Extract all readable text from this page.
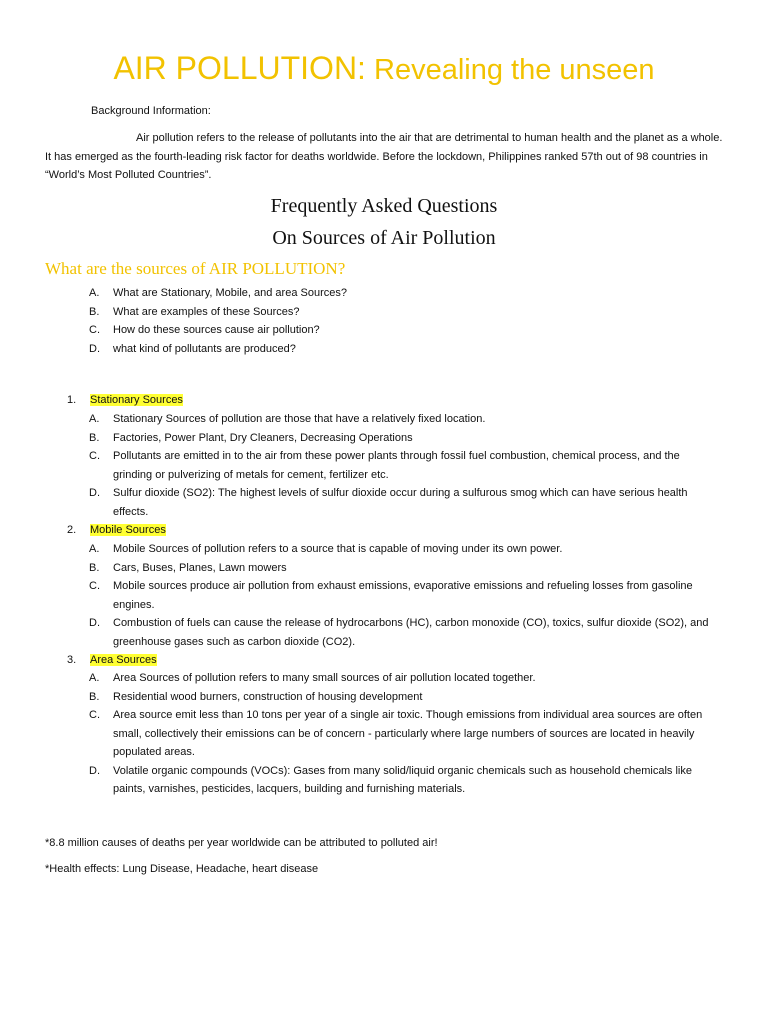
AIR POLLUTION: Revealing the unseen
Background Information:
Air pollution refers to the release of pollutants into the air that are detrimental to human health and the planet as a whole. It has emerged as the fourth-leading risk factor for deaths worldwide. Before the lockdown, Philippines ranked 57th out of 98 countries in “World’s Most Polluted Countries”.
Frequently Asked Questions
On Sources of Air Pollution
What are the sources of AIR POLLUTION?
A. What are Stationary, Mobile, and area Sources?
B. What are examples of these Sources?
C. How do these sources cause air pollution?
D. what kind of pollutants are produced?
1. Stationary Sources
A. Stationary Sources of pollution are those that have a relatively fixed location.
B. Factories, Power Plant, Dry Cleaners, Decreasing Operations
C. Pollutants are emitted in to the air from these power plants through fossil fuel combustion, chemical process, and the grinding or pulverizing of metals for cement, fertilizer etc.
D. Sulfur dioxide (SO2): The highest levels of sulfur dioxide occur during a sulfurous smog which can have serious health effects.
2. Mobile Sources
A. Mobile Sources of pollution refers to a source that is capable of moving under its own power.
B. Cars, Buses, Planes, Lawn mowers
C. Mobile sources produce air pollution from exhaust emissions, evaporative emissions and refueling losses from gasoline engines.
D. Combustion of fuels can cause the release of hydrocarbons (HC), carbon monoxide (CO), toxics, sulfur dioxide (SO2), and greenhouse gases such as carbon dioxide (CO2).
3. Area Sources
A. Area Sources of pollution refers to many small sources of air pollution located together.
B. Residential wood burners, construction of housing development
C. Area source emit less than 10 tons per year of a single air toxic. Though emissions from individual area sources are often small, collectively their emissions can be of concern - particularly where large numbers of sources are located in heavily populated areas.
D. Volatile organic compounds (VOCs): Gases from many solid/liquid organic chemicals such as household chemicals like paints, varnishes, pesticides, lacquers, building and furnishing materials.
*8.8 million causes of deaths per year worldwide can be attributed to polluted air!
*Health effects: Lung Disease, Headache, heart disease
